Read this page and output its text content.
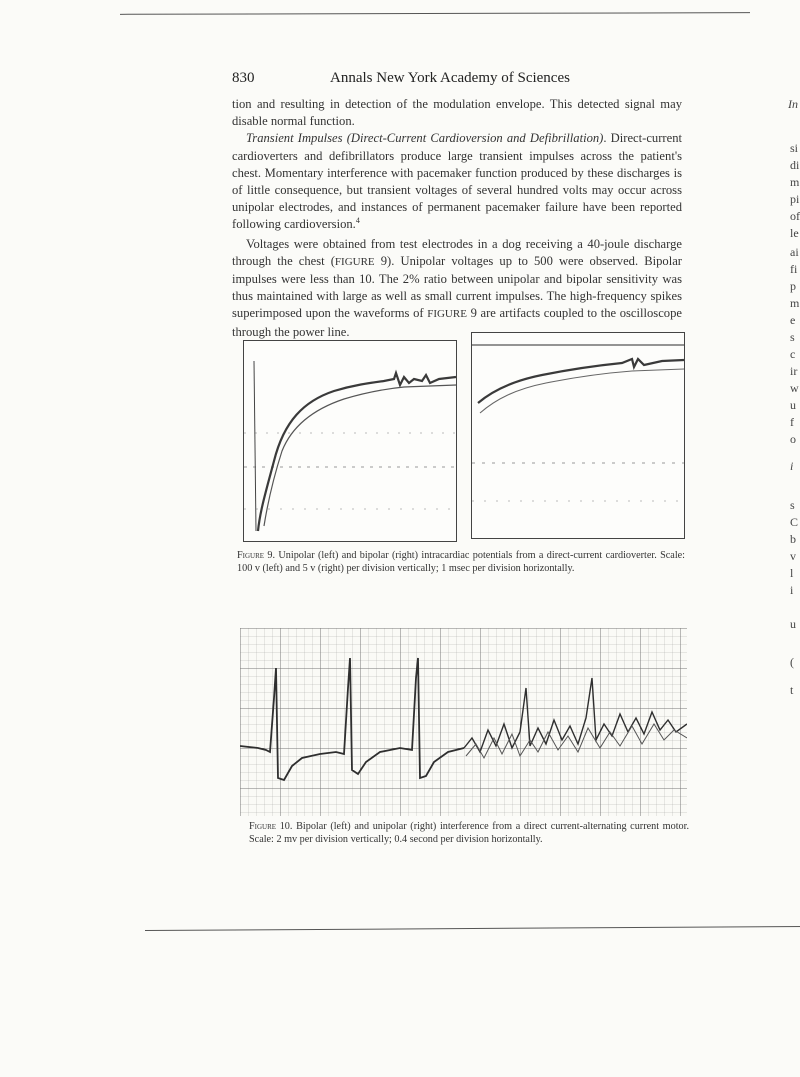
830	Annals New York Academy of Sciences

tion and resulting in detection of the modulation envelope. This detected signal may disable normal function.

Transient Impulses (Direct-Current Cardioversion and Defibrillation). Direct-current cardioverters and defibrillators produce large transient impulses across the patient's chest. Momentary interference with pacemaker function produced by these discharges is of little consequence, but transient voltages of several hundred volts may occur across unipolar electrodes, and instances of permanent pacemaker failure have been reported following cardioversion.$^4$

Voltages were obtained from test electrodes in a dog receiving a 40-joule discharge through the chest (FIGURE 9). Unipolar voltages up to 500 were observed. Bipolar impulses were less than 10. The 2% ratio between unipolar and bipolar sensitivity was thus maintained with large as well as small current impulses. The high-frequency spikes superimposed upon the waveforms of FIGURE 9 are artifacts coupled to the oscilloscope through the power line.

Figure 9. Unipolar (left) and bipolar (right) intracardiac potentials from a direct-current cardioverter. Scale: 100 v (left) and 5 v (right) per division vertically; 1 msec per division horizontally.
Figure 10. Bipolar (left) and unipolar (right) interference from a direct current-alternating current motor. Scale: 2 mv per division vertically; 0.4 second per division horizontally.
In
si
di
m
pi
of
le
ai
fi
p
m
e
s
c
ir
w
u
f
o
i
s
C
b
v
l
i
u
(
t
